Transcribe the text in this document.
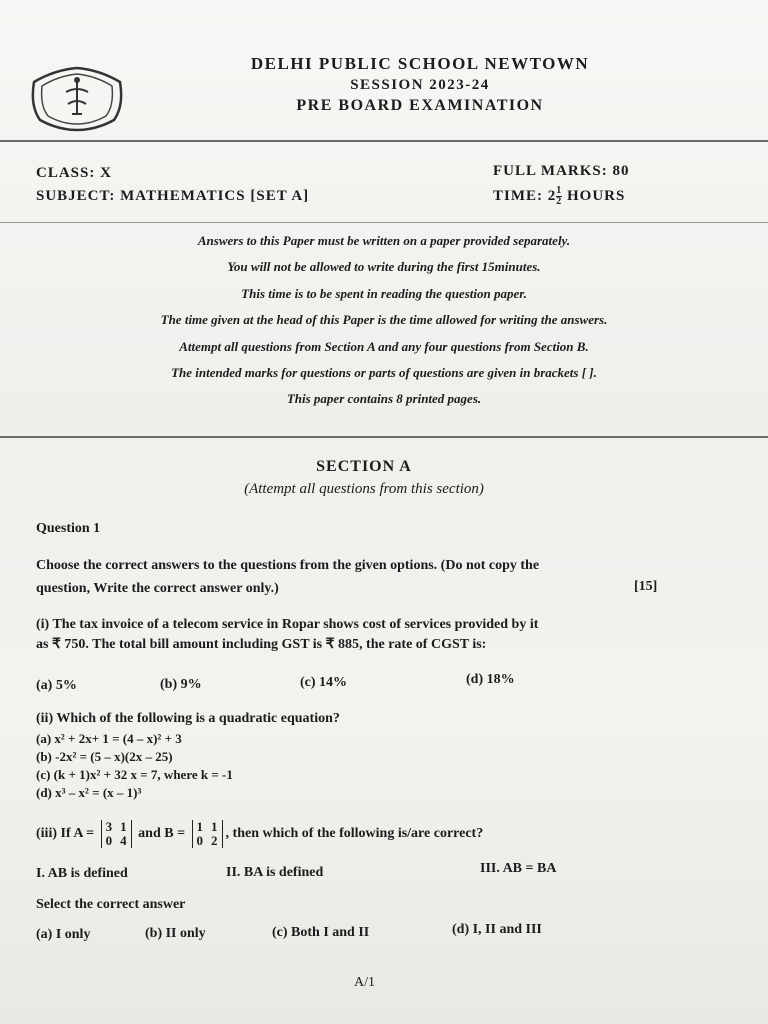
DELHI PUBLIC SCHOOL NEWTOWN
SESSION 2023-24
PRE BOARD EXAMINATION
CLASS: X
SUBJECT: MATHEMATICS [SET A]
FULL MARKS: 80
TIME: $2 \frac{1}{2}$ HOURS
Answers to this Paper must be written on a paper provided separately.
You will not be allowed to write during the first 15minutes.
This time is to be spent in reading the question paper.
The time given at the head of this Paper is the time allowed for writing the answers.
Attempt all questions from Section A and any four questions from Section B.
The intended marks for questions or parts of questions are given in brackets [ ].
This paper contains 8 printed pages.
SECTION A
(Attempt all questions from this section)
Question 1
Choose the correct answers to the questions from the given options. (Do not copy the
question, Write the correct answer only.)	[15]
(i) The tax invoice of a telecom service in Ropar shows cost of services provided by it
as ₹ 750. The total bill amount including GST is ₹ 885, the rate of CGST is:
(a) 5%	(b) 9%	(c) 14%	(d) 18%
(ii) Which of the following is a quadratic equation?
(a) x² + 2x+ 1 = (4 – x)² + 3
(b) -2x² = (5 – x)(2x – 25)
(c) (k + 1)x² + 32 x = 7, where k = -1
(d) x³ – x² = (x – 1)³
(iii) If A = 3 1
0 4 and B = 1 1
0 2 , then which of the following is/are correct?
I. AB is defined	II. BA is defined	III. AB = BA
Select the correct answer
(a) I only	(b) II only	(c) Both I and II	(d) I, II and III
A/1
